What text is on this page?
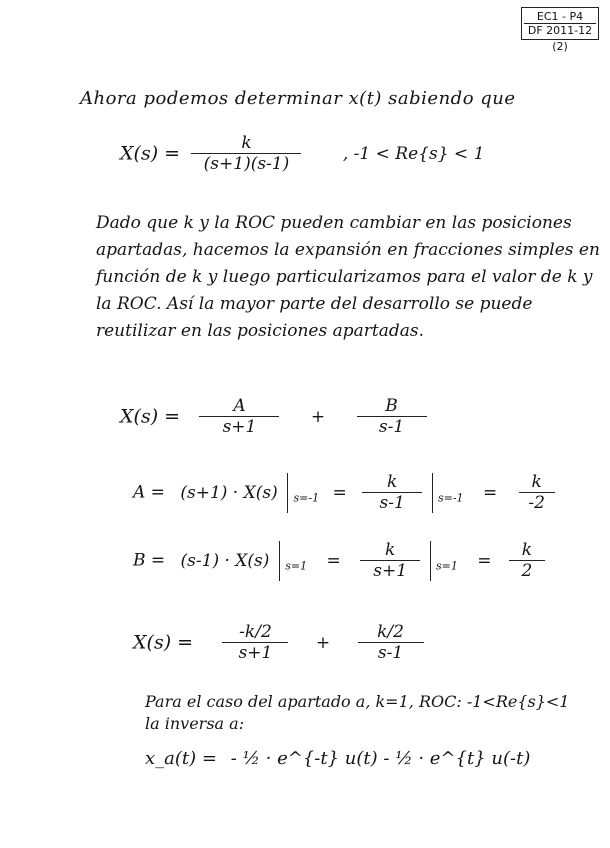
EC1 - P4
DF 2011-12
(2)
Ahora podemos determinar x(t) sabiendo que
$X(s) = \frac{k}{(s+1)(s-1)}$ , -1 < Re{s} < 1
Dado que k y la ROC pueden cambiar en las posiciones apartadas, hacemos la expansión en fracciones simples en función de k y luego particularizamos para el valor de k y la ROC. Así la mayor parte del desarrollo se puede reutilizar en las posiciones apartadas.
$X(s) = \frac{A}{s+1} + \frac{B}{s-1}$
A = (s+1) · X(s) $_{s=-1} = \frac{k}{s-1} _{s=-1} = \frac{k}{-2}$
B = (s-1) · X(s) $_{s=1} = \frac{k}{s+1} _{s=1} = \frac{k}{2}$
$X(s) = \frac{-k/2}{s+1} + \frac{k/2}{s-1}$
Para el caso del apartado a, k=1, ROC: -1<Re{s}<1
la inversa a:
x_a(t) = - ½ · e^{-t} u(t) - ½ · e^{t} u(-t)
